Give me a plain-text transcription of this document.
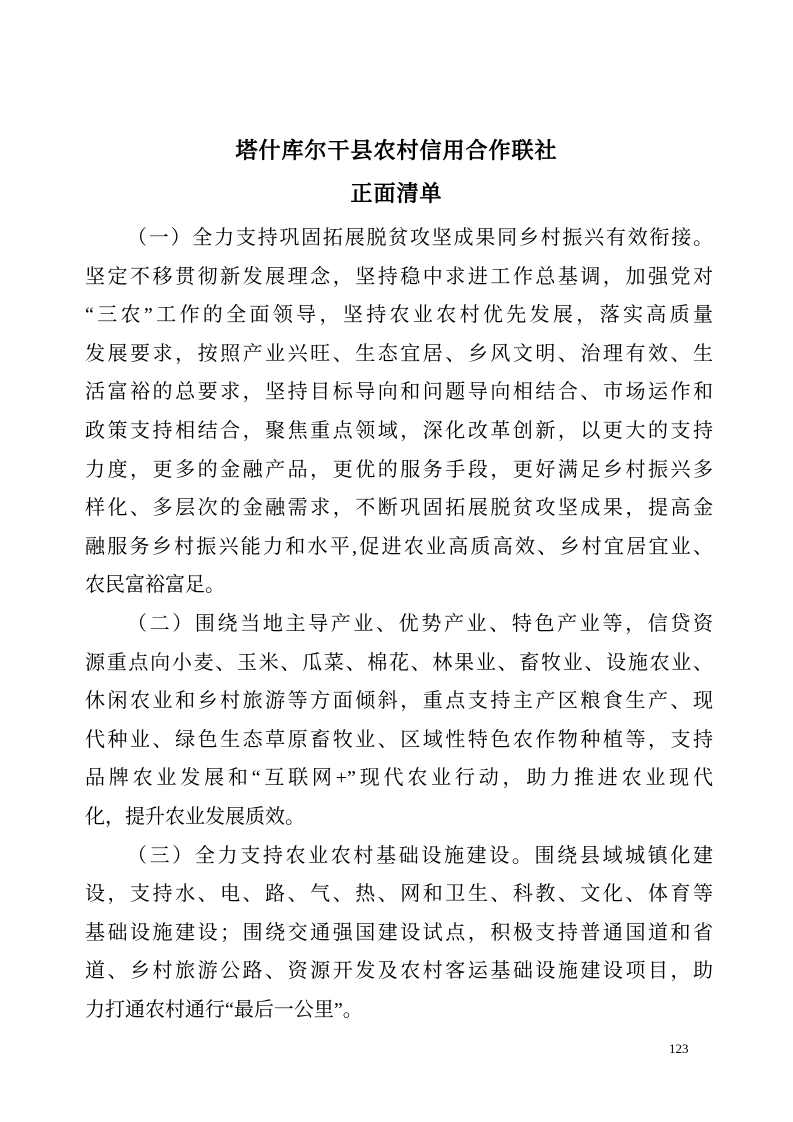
塔什库尔干县农村信用合作联社
正面清单
（一）全力支持巩固拓展脱贫攻坚成果同乡村振兴有效衔接。
坚定不移贯彻新发展理念，坚持稳中求进工作总基调，加强党对
“三农”工作的全面领导，坚持农业农村优先发展，落实高质量
发展要求，按照产业兴旺、生态宜居、乡风文明、治理有效、生
活富裕的总要求，坚持目标导向和问题导向相结合、市场运作和
政策支持相结合，聚焦重点领域，深化改革创新，以更大的支持
力度，更多的金融产品，更优的服务手段，更好满足乡村振兴多
样化、多层次的金融需求，不断巩固拓展脱贫攻坚成果，提高金
融服务乡村振兴能力和水平,促进农业高质高效、乡村宜居宜业、
农民富裕富足。
（二）围绕当地主导产业、优势产业、特色产业等，信贷资
源重点向小麦、玉米、瓜菜、棉花、林果业、畜牧业、设施农业、
休闲农业和乡村旅游等方面倾斜，重点支持主产区粮食生产、现
代种业、绿色生态草原畜牧业、区域性特色农作物种植等，支持
品牌农业发展和“互联网+”现代农业行动，助力推进农业现代
化，提升农业发展质效。
（三）全力支持农业农村基础设施建设。围绕县域城镇化建
设，支持水、电、路、气、热、网和卫生、科教、文化、体育等
基础设施建设；围绕交通强国建设试点，积极支持普通国道和省
道、乡村旅游公路、资源开发及农村客运基础设施建设项目，助
力打通农村通行“最后一公里”。
123
